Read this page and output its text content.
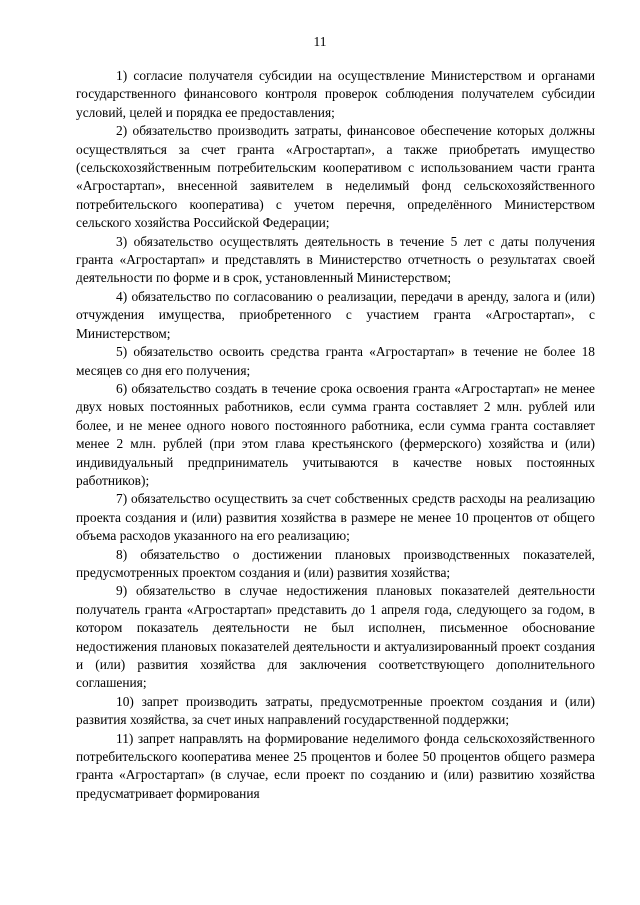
11

1) согласие получателя субсидии на осуществление Министерством и органами государственного финансового контроля проверок соблюдения получателем субсидии условий, целей и порядка ее предоставления;

2) обязательство производить затраты, финансовое обеспечение которых должны осуществляться за счет гранта «Агростартап», а также приобретать имущество (сельскохозяйственным потребительским кооперативом с использованием части гранта «Агростартап», внесенной заявителем в неделимый фонд сельскохозяйственного потребительского кооператива) с учетом перечня, определённого Министерством сельского хозяйства Российской Федерации;

3) обязательство осуществлять деятельность в течение 5 лет с даты получения гранта «Агростартап» и представлять в Министерство отчетность о результатах своей деятельности по форме и в срок, установленный Министерством;

4) обязательство по согласованию о реализации, передачи в аренду, залога и (или) отчуждения имущества, приобретенного с участием гранта «Агростартап», с Министерством;

5) обязательство освоить средства гранта «Агростартап» в течение не более 18 месяцев со дня его получения;

6) обязательство создать в течение срока освоения гранта «Агростартап» не менее двух новых постоянных работников, если сумма гранта составляет 2 млн. рублей или более, и не менее одного нового постоянного работника, если сумма гранта составляет менее 2 млн. рублей (при этом глава крестьянского (фермерского) хозяйства и (или) индивидуальный предприниматель учитываются в качестве новых постоянных работников);

7) обязательство осуществить за счет собственных средств расходы на реализацию проекта создания и (или) развития хозяйства в размере не менее 10 процентов от общего объема расходов указанного на его реализацию;

8) обязательство о достижении плановых производственных показателей, предусмотренных проектом создания и (или) развития хозяйства;

9) обязательство в случае недостижения плановых показателей деятельности получатель гранта «Агростартап» представить до 1 апреля года, следующего за годом, в котором показатель деятельности не был исполнен, письменное обоснование недостижения плановых показателей деятельности и актуализированный проект создания и (или) развития хозяйства для заключения соответствующего дополнительного соглашения;

10) запрет производить затраты, предусмотренные проектом создания и (или) развития хозяйства, за счет иных направлений государственной поддержки;

11) запрет направлять на формирование неделимого фонда сельскохозяйственного потребительского кооператива менее 25 процентов и более 50 процентов общего размера гранта «Агростартап» (в случае, если проект по созданию и (или) развитию хозяйства предусматривает формирования
